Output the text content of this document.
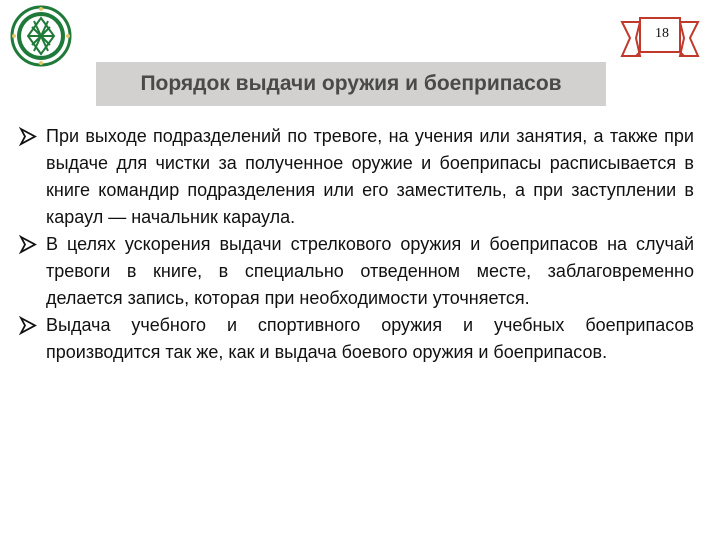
18
Порядок выдачи оружия и боеприпасов

При выходе подразделений по тревоге, на учения или занятия, а также при выдаче для чистки за полученное оружие и боеприпасы расписывается в книге командир подразделения или его заместитель, а при заступлении в караул — начальник караула.

В целях ускорения выдачи стрелкового оружия и боеприпасов на случай тревоги в книге, в специально отведенном месте, заблаговременно делается запись, которая при необходимости уточняется.

Выдача учебного и спортивного оружия и учебных боеприпасов производится так же, как и выдача боевого оружия и боеприпасов.
